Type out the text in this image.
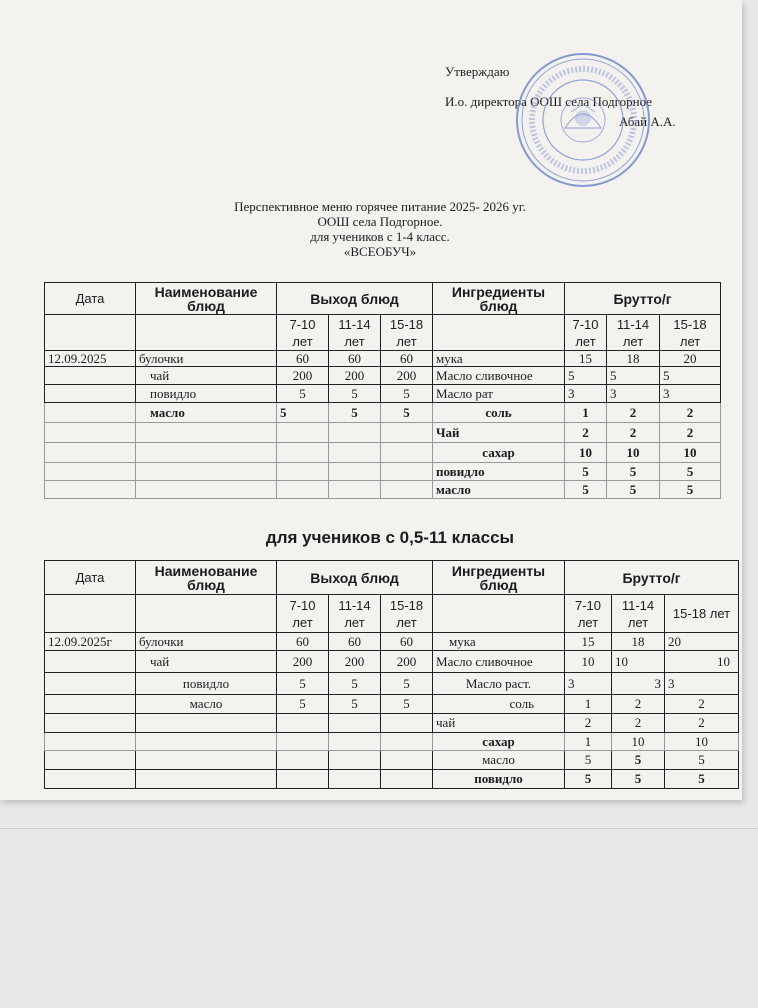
Утверждаю
И.о. директора ООШ села Подгорное
Абай А.А.
Перспективное меню горячее питание 2025- 2026 уг.
ООШ села Подгорное.
для учеников с 1-4 класс.
«ВСЕОБУЧ»
Дата	Наименование блюд	Выход блюд			Ингредиенты блюд	Брутто/г		
		7-10 лет	11-14 лет	15-18 лет		7-10 лет	11-14 лет	15-18 лет
12.09.2025	булочки	60	60	60	мука	15	18	20
	чай	200	200	200	Масло сливочное	5	5	5
	повидло	5	5	5	Масло рат	3	3	3
	масло	5	5	5	соль	1	2	2
					Чай	2	2	2
					сахар	10	10	10
					повидло	5	5	5
					масло	5	5	5
для учеников с 0,5-11 классы
Дата	Наименование блюд	Выход блюд			Ингредиенты блюд	Брутто/г		
		7-10 лет	11-14 лет	15-18 лет		7-10 лет	11-14 лет	15-18 лет
12.09.2025г	булочки	60	60	60	мука	15	18	20
	чай	200	200	200	Масло сливочное	10	10	10
	повидло	5	5	5	Масло раст.	3	3	3
	масло	5	5	5	соль	1	2	2
					чай	2	2	2
					сахар	1	10	10
					масло	5	5	5
					повидло	5	5	5
